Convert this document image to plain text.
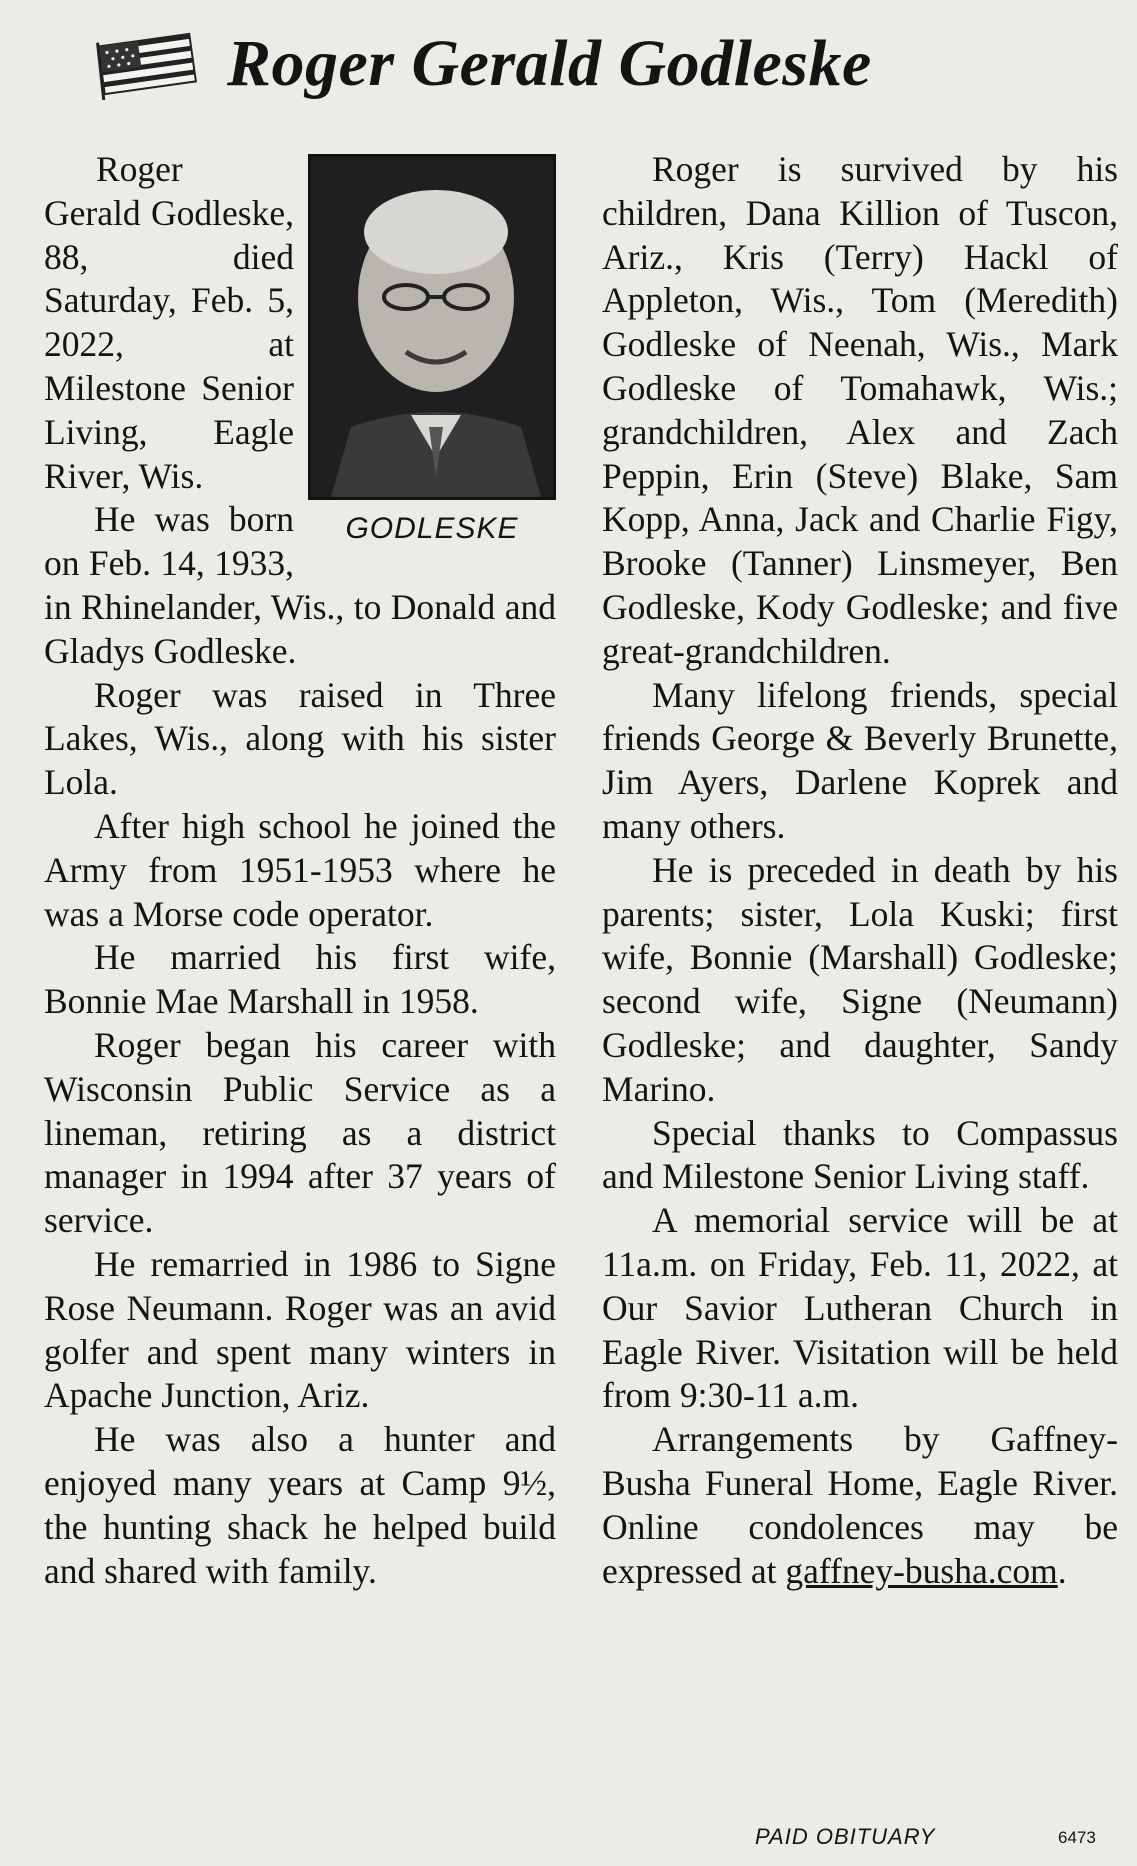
Roger Gerald Godleske
GODLESKE

Roger
Gerald Godleske, 88, died Saturday, Feb. 5, 2022, at Milestone Senior Living, Eagle River, Wis.

He was born on Feb. 14, 1933, in Rhinelander, Wis., to Donald and Gladys Godleske.

Roger was raised in Three Lakes, Wis., along with his sister Lola.

After high school he joined the Army from 1951-1953 where he was a Morse code operator.

He married his first wife, Bonnie Mae Marshall in 1958.

Roger began his career with Wisconsin Public Service as a lineman, retiring as a district manager in 1994 after 37 years of service.

He remarried in 1986 to Signe Rose Neumann. Roger was an avid golfer and spent many winters in Apache Junction, Ariz.

He was also a hunter and enjoyed many years at Camp 9½, the hunting shack he helped build and shared with family.

Roger is survived by his children, Dana Killion of Tuscon, Ariz., Kris (Terry) Hackl of Appleton, Wis., Tom (Meredith) Godleske of Neenah, Wis., Mark Godleske of Tomahawk, Wis.; grandchildren, Alex and Zach Peppin, Erin (Steve) Blake, Sam Kopp, Anna, Jack and Charlie Figy, Brooke (Tanner) Linsmeyer, Ben Godleske, Kody Godleske; and five great-grandchildren.

Many lifelong friends, special friends George & Beverly Brunette, Jim Ayers, Darlene Koprek and many others.

He is preceded in death by his parents; sister, Lola Kuski; first wife, Bonnie (Marshall) Godleske; second wife, Signe (Neumann) Godleske; and daughter, Sandy Marino.

Special thanks to Compassus and Milestone Senior Living staff.

A memorial service will be at 11a.m. on Friday, Feb. 11, 2022, at Our Savior Lutheran Church in Eagle River. Visitation will be held from 9:30-11 a.m.

Arrangements by Gaffney-Busha Funeral Home, Eagle River. Online condolences may be expressed at gaffney-busha.com.

PAID OBITUARY	6473
